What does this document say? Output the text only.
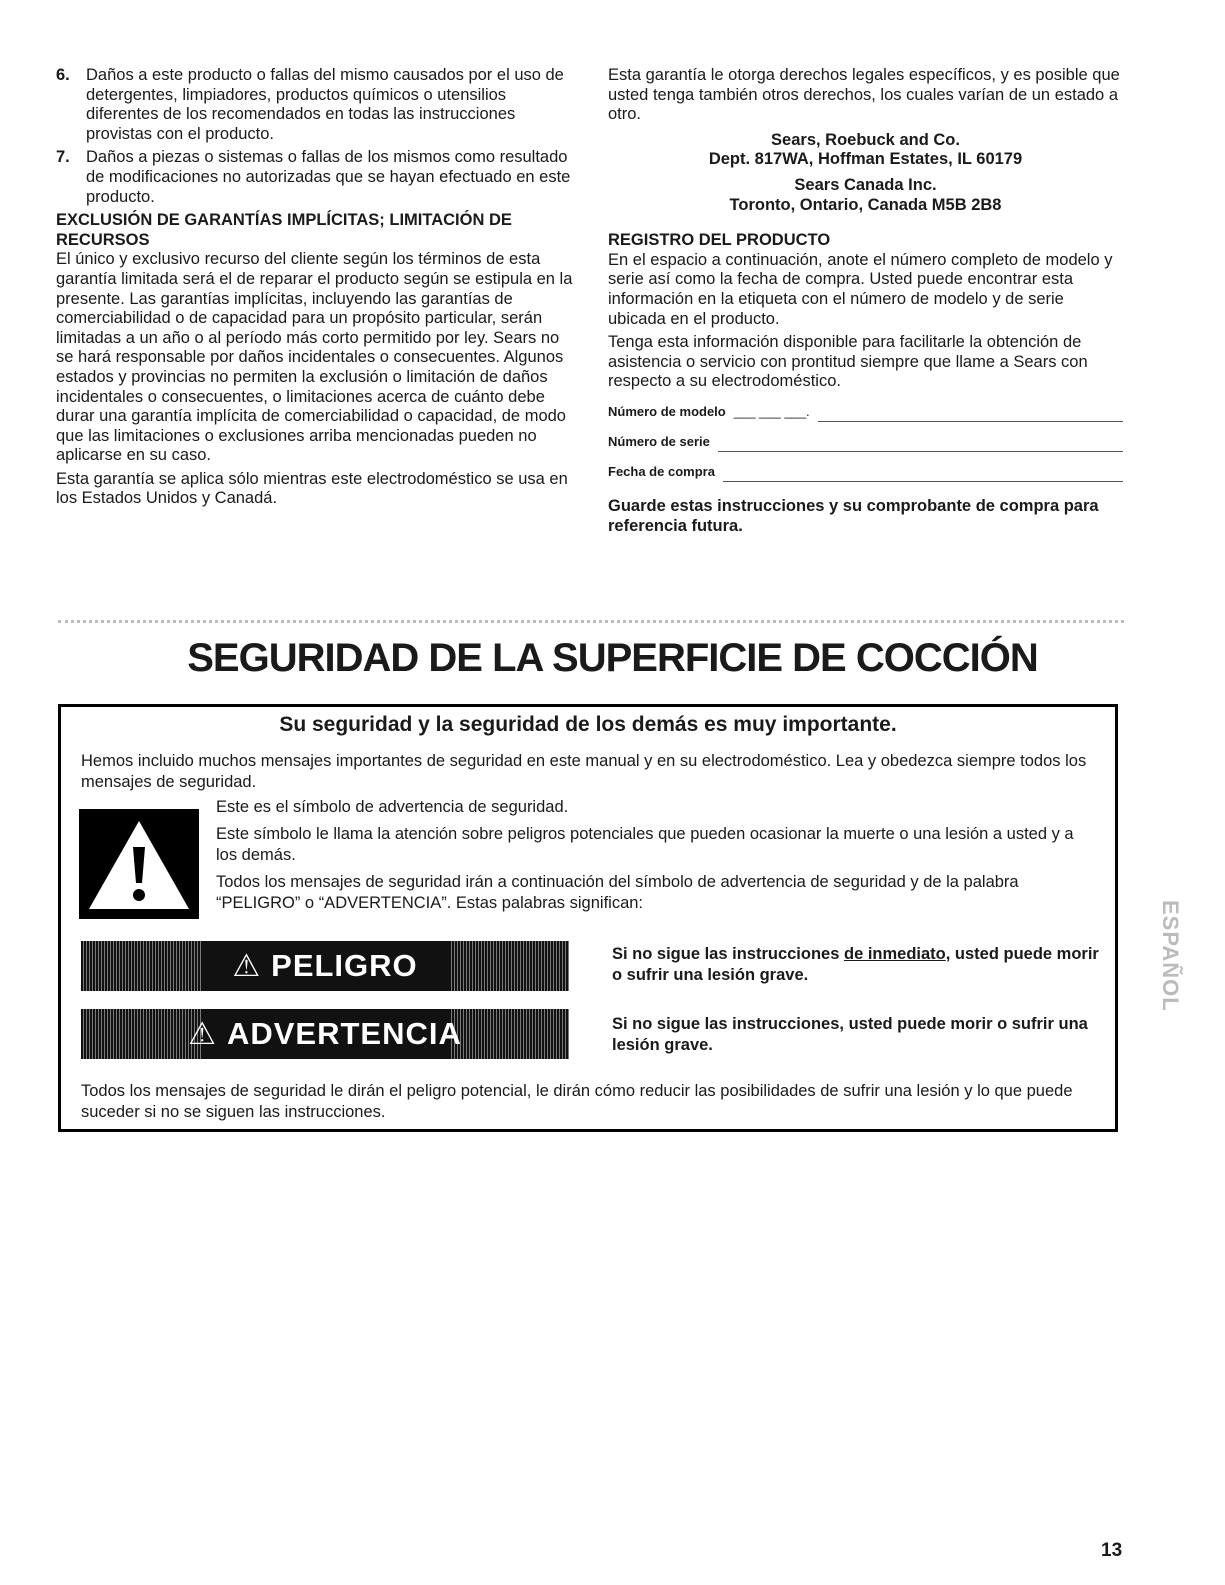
6. Daños a este producto o fallas del mismo causados por el uso de detergentes, limpiadores, productos químicos o utensilios diferentes de los recomendados en todas las instrucciones provistas con el producto.
7. Daños a piezas o sistemas o fallas de los mismos como resultado de modificaciones no autorizadas que se hayan efectuado en este producto.

EXCLUSIÓN DE GARANTÍAS IMPLÍCITAS; LIMITACIÓN DE RECURSOS

El único y exclusivo recurso del cliente según los términos de esta garantía limitada será el de reparar el producto según se estipula en la presente. Las garantías implícitas, incluyendo las garantías de comerciabilidad o de capacidad para un propósito particular, serán limitadas a un año o al período más corto permitido por ley. Sears no se hará responsable por daños incidentales o consecuentes. Algunos estados y provincias no permiten la exclusión o limitación de daños incidentales o consecuentes, o limitaciones acerca de cuánto debe durar una garantía implícita de comerciabilidad o capacidad, de modo que las limitaciones o exclusiones arriba mencionadas pueden no aplicarse en su caso.

Esta garantía se aplica sólo mientras este electrodoméstico se usa en los Estados Unidos y Canadá.

Esta garantía le otorga derechos legales específicos, y es posible que usted tenga también otros derechos, los cuales varían de un estado a otro.

Sears, Roebuck and Co.
Dept. 817WA, Hoffman Estates, IL 60179
Sears Canada Inc.
Toronto, Ontario, Canada M5B 2B8

REGISTRO DEL PRODUCTO

En el espacio a continuación, anote el número completo de modelo y serie así como la fecha de compra. Usted puede encontrar esta información en la etiqueta con el número de modelo y de serie ubicada en el producto.

Tenga esta información disponible para facilitarle la obtención de asistencia o servicio con prontitud siempre que llame a Sears con respecto a su electrodoméstico.

Número de modelo ___ ___ ___.
Número de serie
Fecha de compra
Guarde estas instrucciones y su comprobante de compra para referencia futura.
SEGURIDAD DE LA SUPERFICIE DE COCCIÓN
Su seguridad y la seguridad de los demás es muy importante.
Hemos incluido muchos mensajes importantes de seguridad en este manual y en su electrodoméstico. Lea y obedezca siempre todos los mensajes de seguridad.

Este es el símbolo de advertencia de seguridad.

Este símbolo le llama la atención sobre peligros potenciales que pueden ocasionar la muerte o una lesión a usted y a los demás.

Todos los mensajes de seguridad irán a continuación del símbolo de advertencia de seguridad y de la palabra “PELIGRO” o “ADVERTENCIA”. Estas palabras significan:

⚠ PELIGRO	Si no sigue las instrucciones de inmediato, usted puede morir o sufrir una lesión grave.
⚠ ADVERTENCIA	Si no sigue las instrucciones, usted puede morir o sufrir una lesión grave.
Todos los mensajes de seguridad le dirán el peligro potencial, le dirán cómo reducir las posibilidades de sufrir una lesión y lo que puede suceder si no se siguen las instrucciones.
ESPAÑOL
13
